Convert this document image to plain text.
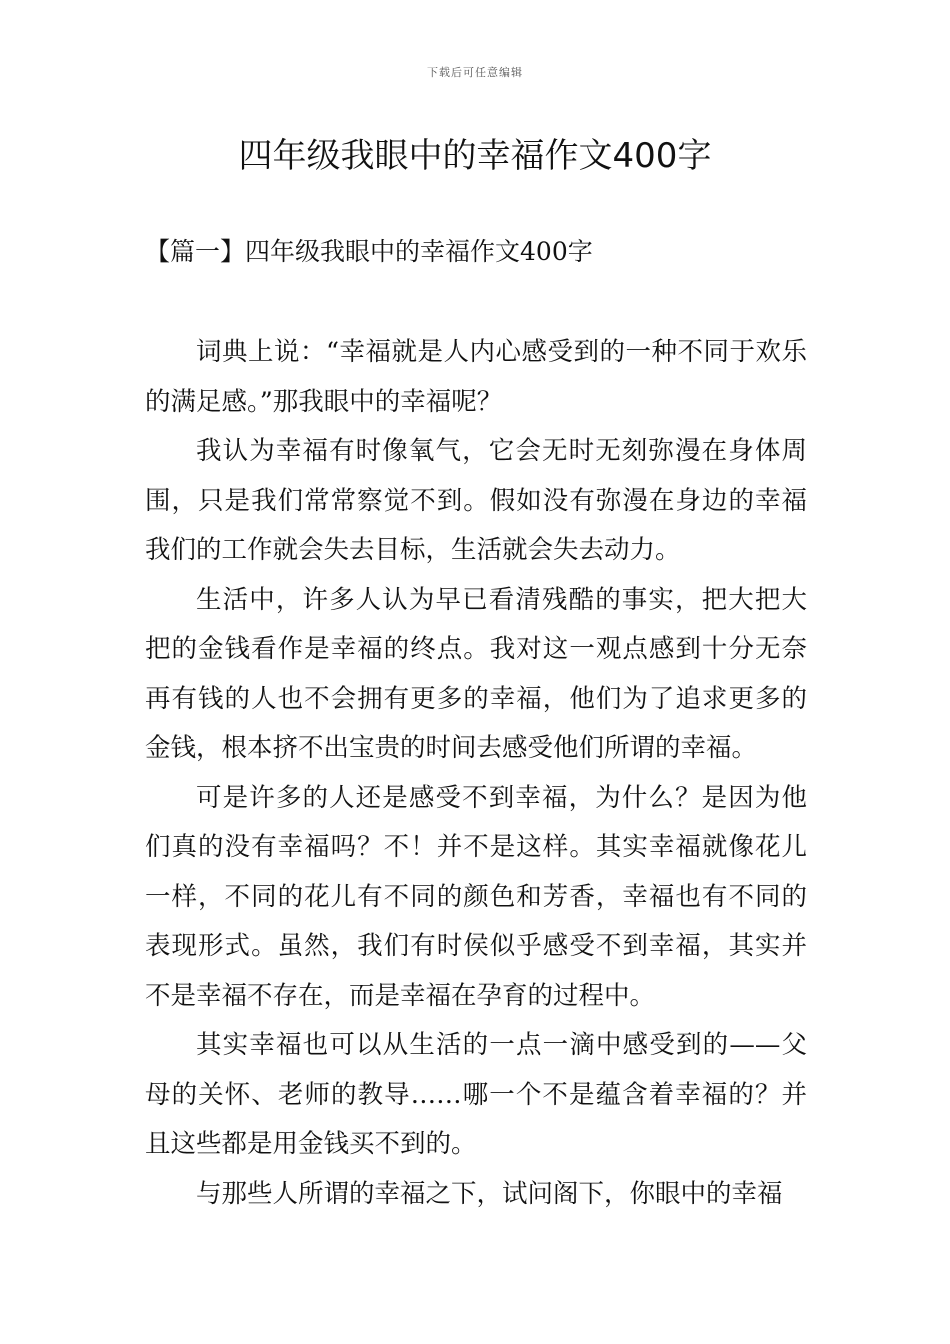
下载后可任意编辑
四年级我眼中的幸福作文400字
【篇一】四年级我眼中的幸福作文400字

词典上说：“幸福就是人内心感受到的一种不同于欢乐的满足感。”那我眼中的幸福呢？

我认为幸福有时像氧气，它会无时无刻弥漫在身体周围，只是我们常常察觉不到。假如没有弥漫在身边的幸福我们的工作就会失去目标，生活就会失去动力。

生活中，许多人认为早已看清残酷的事实，把大把大把的金钱看作是幸福的终点。我对这一观点感到十分无奈再有钱的人也不会拥有更多的幸福，他们为了追求更多的金钱，根本挤不出宝贵的时间去感受他们所谓的幸福。

可是许多的人还是感受不到幸福，为什么？是因为他们真的没有幸福吗？不！并不是这样。其实幸福就像花儿一样，不同的花儿有不同的颜色和芳香，幸福也有不同的表现形式。虽然，我们有时侯似乎感受不到幸福，其实并不是幸福不存在，而是幸福在孕育的过程中。

其实幸福也可以从生活的一点一滴中感受到的——父母的关怀、老师的教导……哪一个不是蕴含着幸福的？并且这些都是用金钱买不到的。

与那些人所谓的幸福之下，试问阁下，你眼中的幸福
